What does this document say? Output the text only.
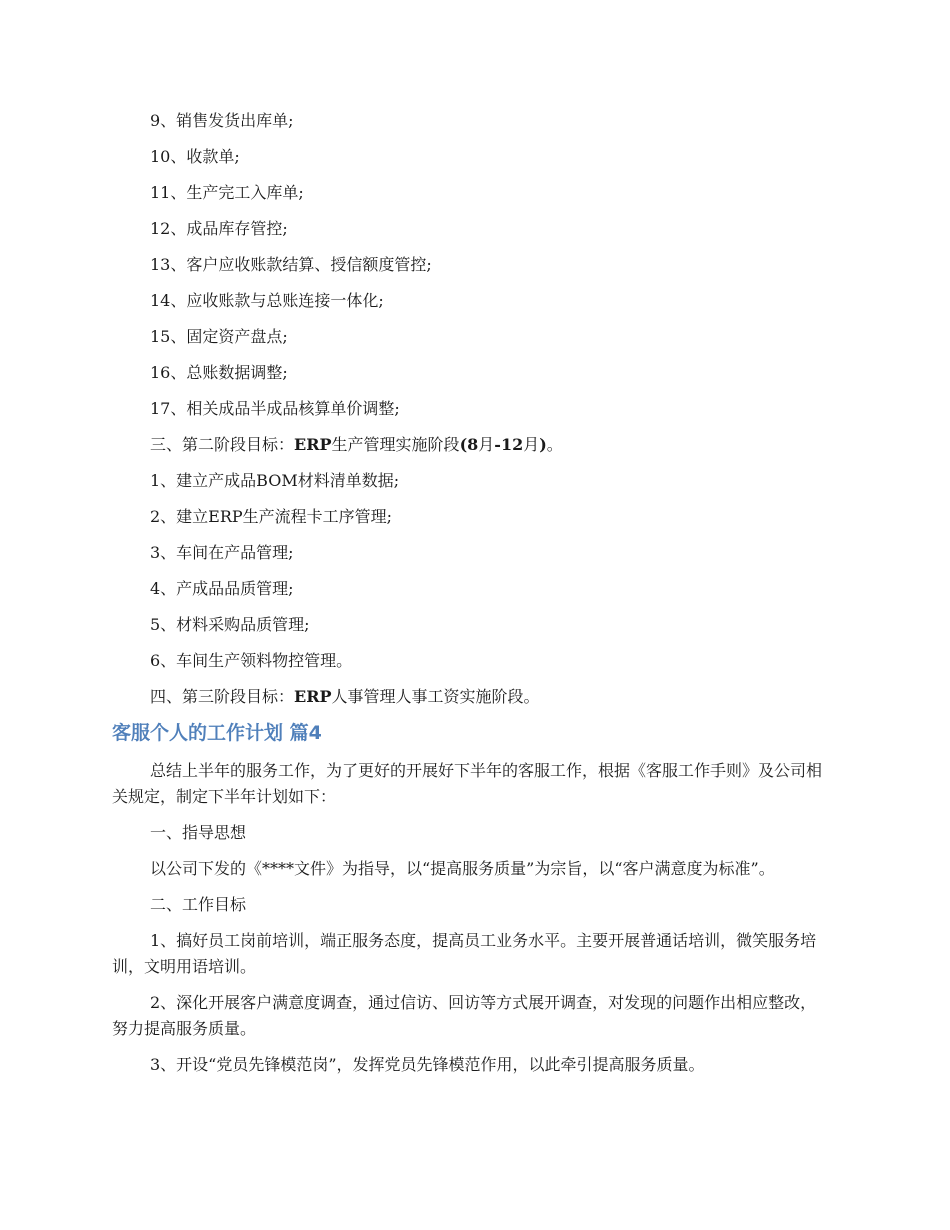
9、销售发货出库单;

10、收款单;

11、生产完工入库单;

12、成品库存管控;

13、客户应收账款结算、授信额度管控;

14、应收账款与总账连接一体化;

15、固定资产盘点;

16、总账数据调整;

17、相关成品半成品核算单价调整;

三、第二阶段目标：ERP生产管理实施阶段(8月-12月)。

1、建立产成品BOM材料清单数据;

2、建立ERP生产流程卡工序管理;

3、车间在产品管理;

4、产成品品质管理;

5、材料采购品质管理;

6、车间生产领料物控管理。

四、第三阶段目标：ERP人事管理人事工资实施阶段。

客服个人的工作计划 篇4

总结上半年的服务工作，为了更好的开展好下半年的客服工作，根据《客服工作手则》及公司相关规定，制定下半年计划如下：

一、指导思想

以公司下发的《****文件》为指导，以“提高服务质量”为宗旨，以“客户满意度为标准”。

二、工作目标

1、搞好员工岗前培训，端正服务态度，提高员工业务水平。主要开展普通话培训，微笑服务培训，文明用语培训。

2、深化开展客户满意度调查，通过信访、回访等方式展开调查，对发现的问题作出相应整改，努力提高服务质量。

3、开设“党员先锋模范岗”，发挥党员先锋模范作用，以此牵引提高服务质量。
